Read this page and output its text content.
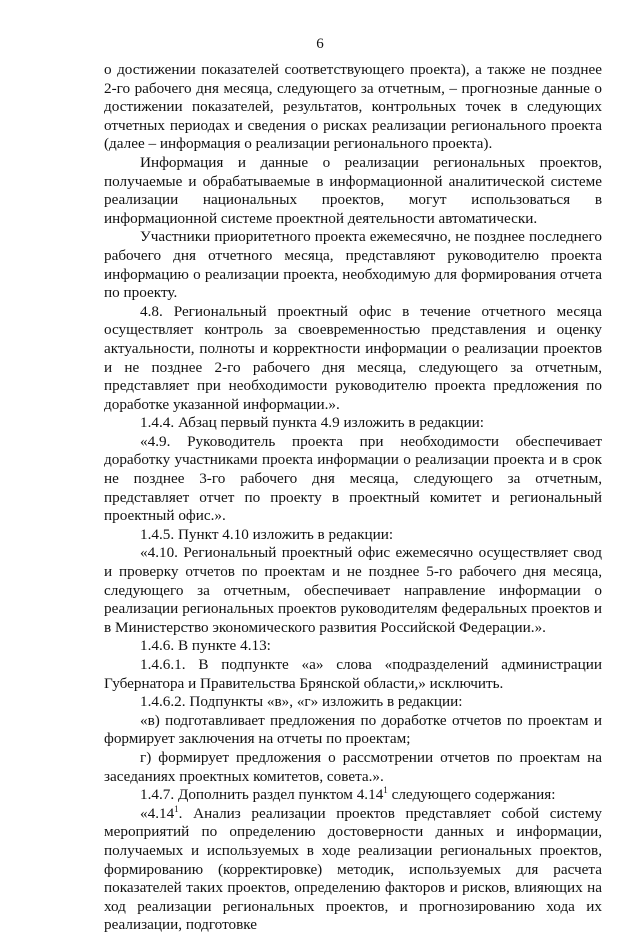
6

о достижении показателей соответствующего проекта), а также не позднее 2-го рабочего дня месяца, следующего за отчетным, – прогнозные данные о достижении показателей, результатов, контрольных точек в следующих отчетных периодах и сведения о рисках реализации регионального проекта (далее – информация о реализации регионального проекта).

Информация и данные о реализации региональных проектов, получаемые и обрабатываемые в информационной аналитической системе реализации национальных проектов, могут использоваться в информационной системе проектной деятельности автоматически.

Участники приоритетного проекта ежемесячно, не позднее последнего рабочего дня отчетного месяца, представляют руководителю проекта информацию о реализации проекта, необходимую для формирования отчета по проекту.

4.8. Региональный проектный офис в течение отчетного месяца осуществляет контроль за своевременностью представления и оценку актуальности, полноты и корректности информации о реализации проектов и не позднее 2-го рабочего дня месяца, следующего за отчетным, представляет при необходимости руководителю проекта предложения по доработке указанной информации.».

1.4.4. Абзац первый пункта 4.9 изложить в редакции:

«4.9. Руководитель проекта при необходимости обеспечивает доработку участниками проекта информации о реализации проекта и в срок не позднее 3-го рабочего дня месяца, следующего за отчетным, представляет отчет по проекту в проектный комитет и региональный проектный офис.».

1.4.5. Пункт 4.10 изложить в редакции:

«4.10. Региональный проектный офис ежемесячно осуществляет свод и проверку отчетов по проектам и не позднее 5-го рабочего дня месяца, следующего за отчетным, обеспечивает направление информации о реализации региональных проектов руководителям федеральных проектов и в Министерство экономического развития Российской Федерации.».

1.4.6. В пункте 4.13:

1.4.6.1. В подпункте «а» слова «подразделений администрации Губернатора и Правительства Брянской области,» исключить.

1.4.6.2. Подпункты «в», «г» изложить в редакции:

«в) подготавливает предложения по доработке отчетов по проектам и формирует заключения на отчеты по проектам;

г) формирует предложения о рассмотрении отчетов по проектам на заседаниях проектных комитетов, совета.».

1.4.7. Дополнить раздел пунктом 4.14$^1$ следующего содержания:

«4.14$^1$. Анализ реализации проектов представляет собой систему мероприятий по определению достоверности данных и информации, получаемых и используемых в ходе реализации региональных проектов, формированию (корректировке) методик, используемых для расчета показателей таких проектов, определению факторов и рисков, влияющих на ход реализации региональных проектов, и прогнозированию хода их реализации, подготовке
